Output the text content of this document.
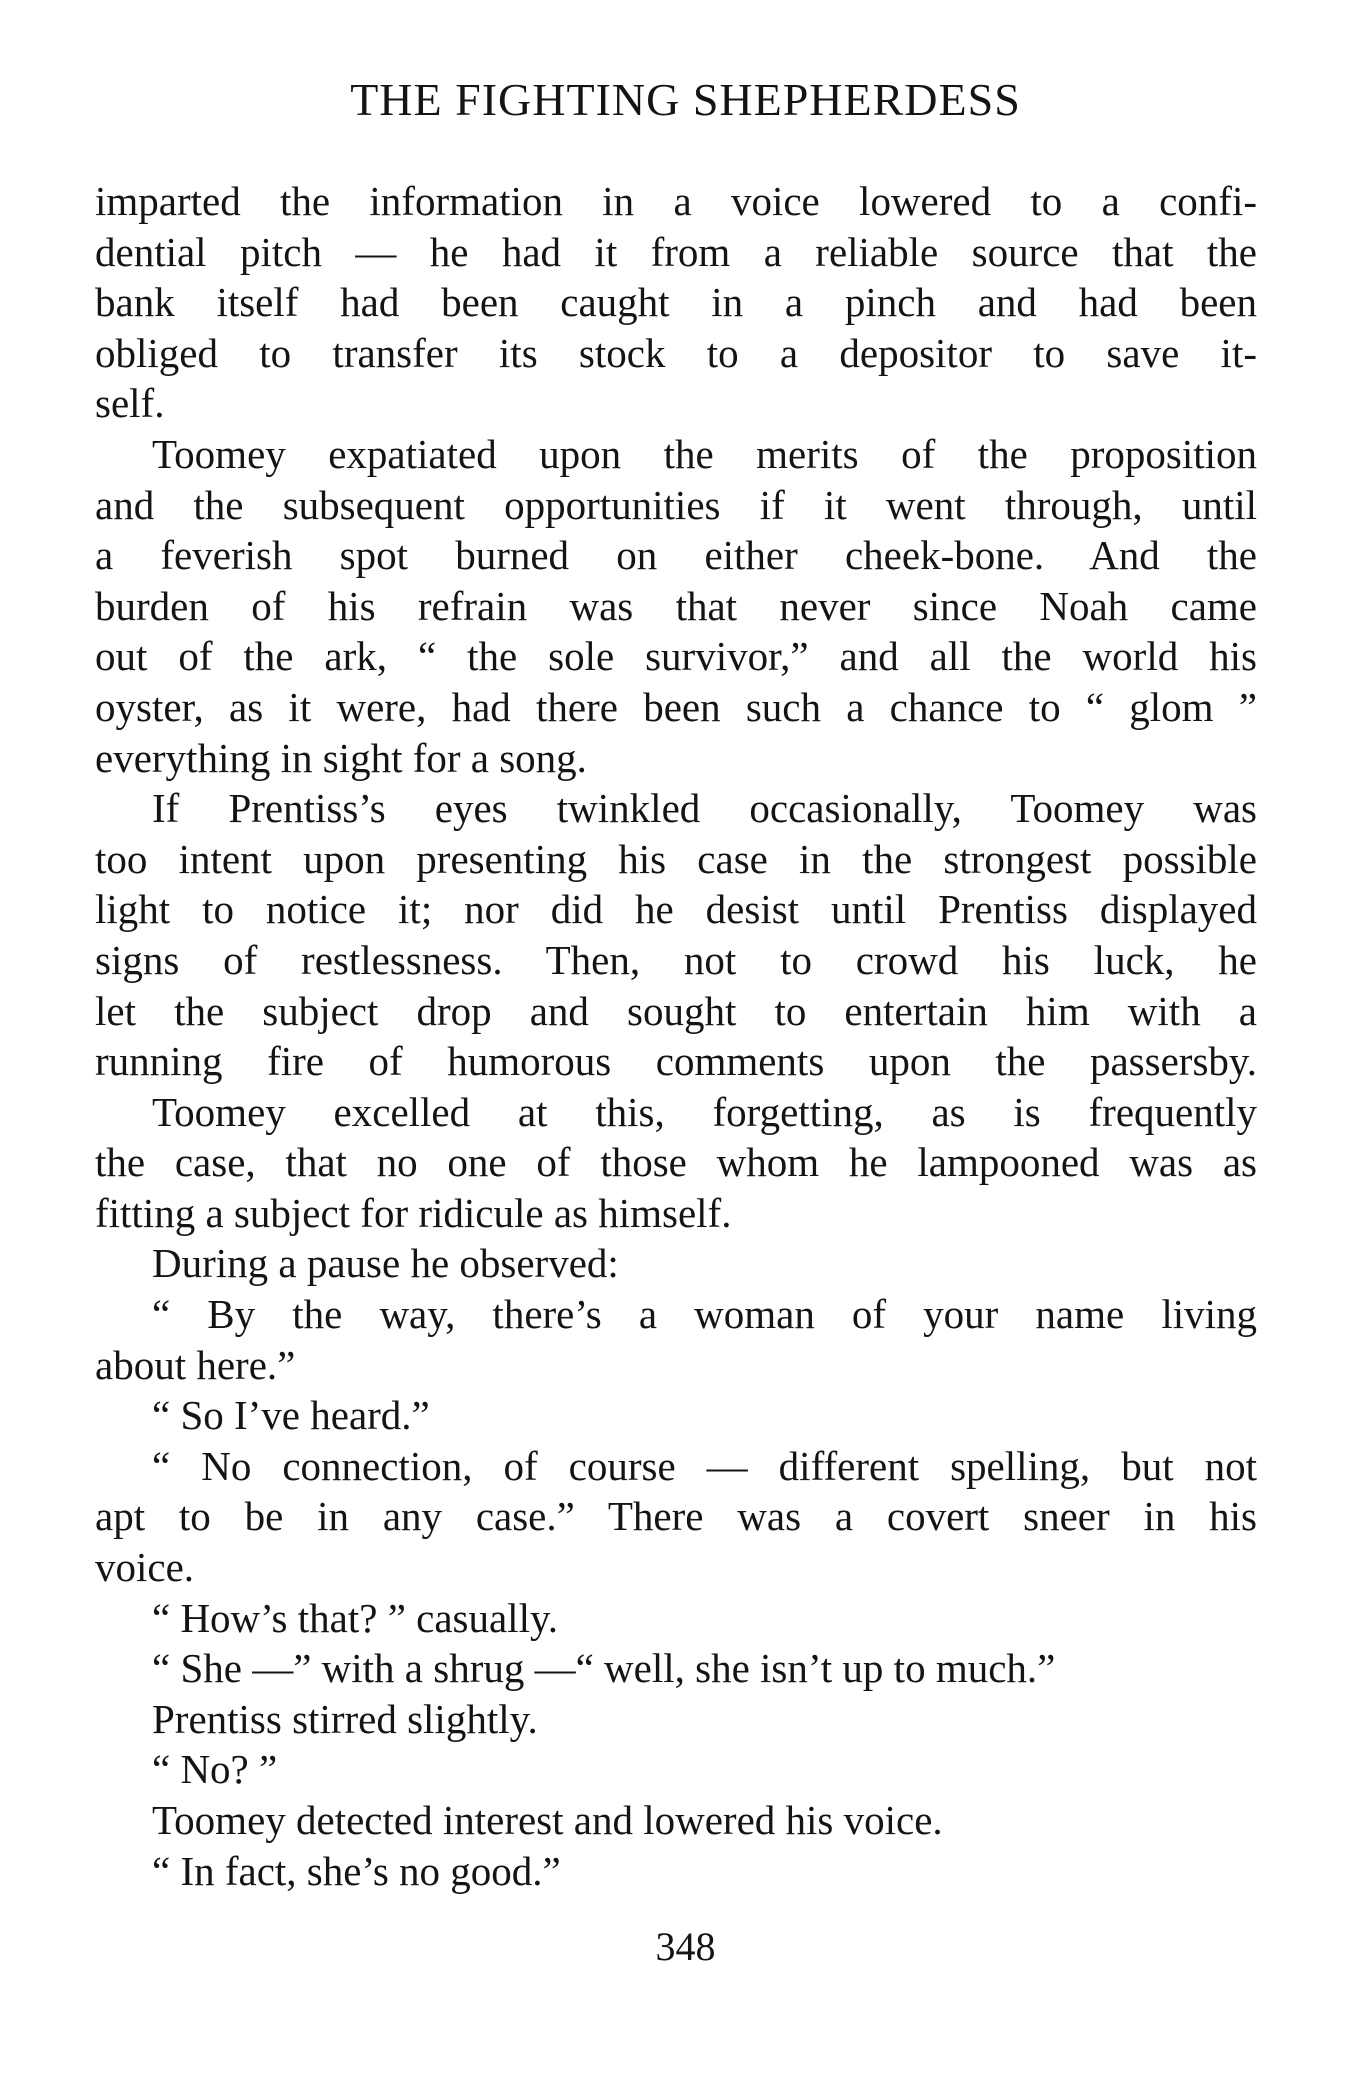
THE FIGHTING SHEPHERDESS
imparted the information in a voice lowered to a confi-
dential pitch — he had it from a reliable source that the
bank itself had been caught in a pinch and had been
obliged to transfer its stock to a depositor to save it-
self.
Toomey expatiated upon the merits of the proposition
and the subsequent opportunities if it went through, until
a feverish spot burned on either cheek-bone. And the
burden of his refrain was that never since Noah came
out of the ark, “ the sole survivor,” and all the world his
oyster, as it were, had there been such a chance to “ glom ”
everything in sight for a song.
If Prentiss’s eyes twinkled occasionally, Toomey was
too intent upon presenting his case in the strongest possible
light to notice it; nor did he desist until Prentiss displayed
signs of restlessness. Then, not to crowd his luck, he
let the subject drop and sought to entertain him with a
running fire of humorous comments upon the passersby.
Toomey excelled at this, forgetting, as is frequently
the case, that no one of those whom he lampooned was as
fitting a subject for ridicule as himself.
During a pause he observed:
“ By the way, there’s a woman of your name living
about here.”
“ So I’ve heard.”
“ No connection, of course — different spelling, but not
apt to be in any case.” There was a covert sneer in his
voice.
“ How’s that? ” casually.
“ She —” with a shrug —“ well, she isn’t up to much.”
Prentiss stirred slightly.
“ No? ”
Toomey detected interest and lowered his voice.
“ In fact, she’s no good.”
348
